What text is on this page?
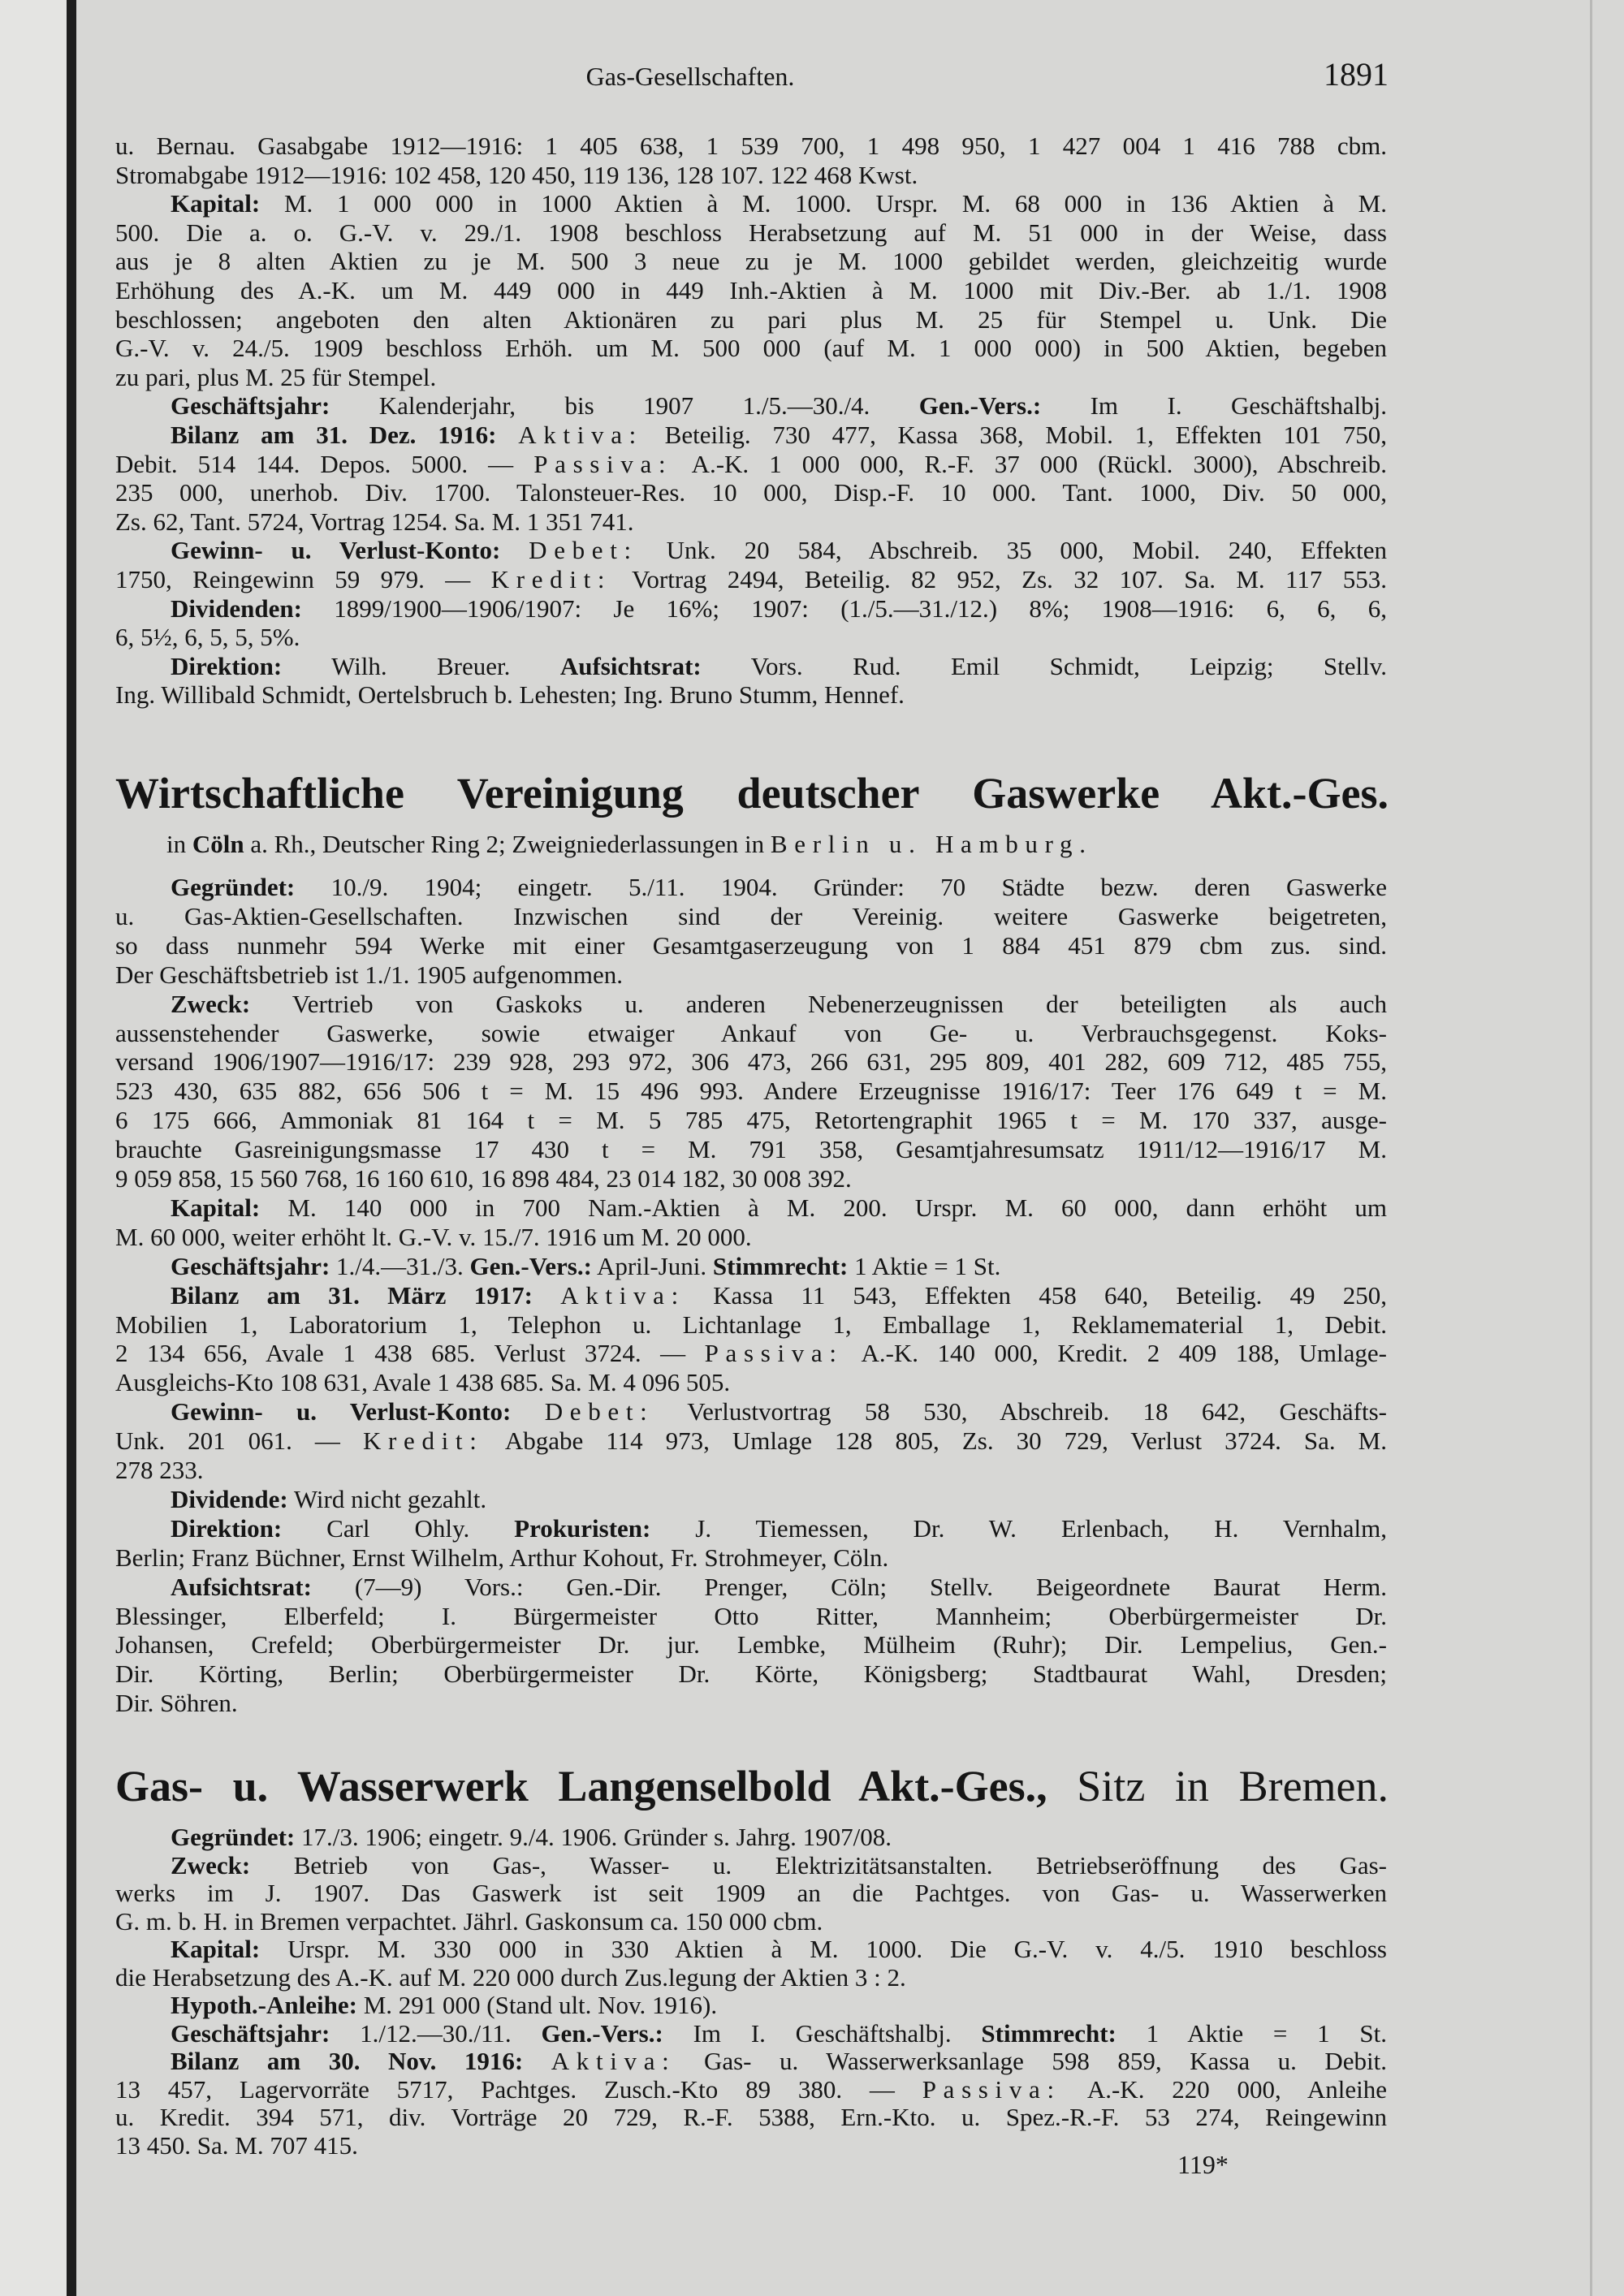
Gas-Gesellschaften.	1891
Wirtschaftliche Vereinigung deutscher Gaswerke Akt.-Ges.
in Cöln a. Rh., Deutscher Ring 2; Zweigniederlassungen in Berlin u. Hamburg.
Gas- u. Wasserwerk Langenselbold Akt.-Ges., Sitz in Bremen.
u. Bernau. Gasabgabe 1912—1916: 1 405 638, 1 539 700, 1 498 950, 1 427 004 1 416 788 cbm.
Stromabgabe 1912—1916: 102 458, 120 450, 119 136, 128 107. 122 468 Kwst.
Kapital: M. 1 000 000 in 1000 Aktien à M. 1000. Urspr. M. 68 000 in 136 Aktien à M.
500. Die a. o. G.-V. v. 29./1. 1908 beschloss Herabsetzung auf M. 51 000 in der Weise, dass
aus je 8 alten Aktien zu je M. 500 3 neue zu je M. 1000 gebildet werden, gleichzeitig wurde
Erhöhung des A.-K. um M. 449 000 in 449 Inh.-Aktien à M. 1000 mit Div.-Ber. ab 1./1. 1908
beschlossen; angeboten den alten Aktionären zu pari plus M. 25 für Stempel u. Unk. Die
G.-V. v. 24./5. 1909 beschloss Erhöh. um M. 500 000 (auf M. 1 000 000) in 500 Aktien, begeben
zu pari, plus M. 25 für Stempel.
Geschäftsjahr: Kalenderjahr, bis 1907 1./5.—30./4. Gen.-Vers.: Im I. Geschäftshalbj.
Bilanz am 31. Dez. 1916: Aktiva: Beteilig. 730 477, Kassa 368, Mobil. 1, Effekten 101 750,
Debit. 514 144. Depos. 5000. — Passiva: A.-K. 1 000 000, R.-F. 37 000 (Rückl. 3000), Abschreib.
235 000, unerhob. Div. 1700. Talonsteuer-Res. 10 000, Disp.-F. 10 000. Tant. 1000, Div. 50 000,
Zs. 62, Tant. 5724, Vortrag 1254. Sa. M. 1 351 741.
Gewinn- u. Verlust-Konto: Debet: Unk. 20 584, Abschreib. 35 000, Mobil. 240, Effekten
1750, Reingewinn 59 979. — Kredit: Vortrag 2494, Beteilig. 82 952, Zs. 32 107. Sa. M. 117 553.
Dividenden: 1899/1900—1906/1907: Je 16%; 1907: (1./5.—31./12.) 8%; 1908—1916: 6, 6, 6,
6, 5½, 6, 5, 5, 5%.
Direktion: Wilh. Breuer. Aufsichtsrat: Vors. Rud. Emil Schmidt, Leipzig; Stellv.
Ing. Willibald Schmidt, Oertelsbruch b. Lehesten; Ing. Bruno Stumm, Hennef.
Gegründet: 10./9. 1904; eingetr. 5./11. 1904. Gründer: 70 Städte bezw. deren Gaswerke
u. Gas-Aktien-Gesellschaften. Inzwischen sind der Vereinig. weitere Gaswerke beigetreten,
so dass nunmehr 594 Werke mit einer Gesamtgaserzeugung von 1 884 451 879 cbm zus. sind.
Der Geschäftsbetrieb ist 1./1. 1905 aufgenommen.
Zweck: Vertrieb von Gaskoks u. anderen Nebenerzeugnissen der beteiligten als auch
aussenstehender Gaswerke, sowie etwaiger Ankauf von Ge- u. Verbrauchsgegenst. Koks-
versand 1906/1907—1916/17: 239 928, 293 972, 306 473, 266 631, 295 809, 401 282, 609 712, 485 755,
523 430, 635 882, 656 506 t = M. 15 496 993. Andere Erzeugnisse 1916/17: Teer 176 649 t = M.
6 175 666, Ammoniak 81 164 t = M. 5 785 475, Retortengraphit 1965 t = M. 170 337, ausge-
brauchte Gasreinigungsmasse 17 430 t = M. 791 358, Gesamtjahresumsatz 1911/12—1916/17 M.
9 059 858, 15 560 768, 16 160 610, 16 898 484, 23 014 182, 30 008 392.
Kapital: M. 140 000 in 700 Nam.-Aktien à M. 200. Urspr. M. 60 000, dann erhöht um
M. 60 000, weiter erhöht lt. G.-V. v. 15./7. 1916 um M. 20 000.
Geschäftsjahr: 1./4.—31./3. Gen.-Vers.: April-Juni. Stimmrecht: 1 Aktie = 1 St.
Bilanz am 31. März 1917: Aktiva: Kassa 11 543, Effekten 458 640, Beteilig. 49 250,
Mobilien 1, Laboratorium 1, Telephon u. Lichtanlage 1, Emballage 1, Reklamematerial 1, Debit.
2 134 656, Avale 1 438 685. Verlust 3724. — Passiva: A.-K. 140 000, Kredit. 2 409 188, Umlage-
Ausgleichs-Kto 108 631, Avale 1 438 685. Sa. M. 4 096 505.
Gewinn- u. Verlust-Konto: Debet: Verlustvortrag 58 530, Abschreib. 18 642, Geschäfts-
Unk. 201 061. — Kredit: Abgabe 114 973, Umlage 128 805, Zs. 30 729, Verlust 3724. Sa. M.
278 233.
Dividende: Wird nicht gezahlt.
Direktion: Carl Ohly. Prokuristen: J. Tiemessen, Dr. W. Erlenbach, H. Vernhalm,
Berlin; Franz Büchner, Ernst Wilhelm, Arthur Kohout, Fr. Strohmeyer, Cöln.
Aufsichtsrat: (7—9) Vors.: Gen.-Dir. Prenger, Cöln; Stellv. Beigeordnete Baurat Herm.
Blessinger, Elberfeld; I. Bürgermeister Otto Ritter, Mannheim; Oberbürgermeister Dr.
Johansen, Crefeld; Oberbürgermeister Dr. jur. Lembke, Mülheim (Ruhr); Dir. Lempelius, Gen.-
Dir. Körting, Berlin; Oberbürgermeister Dr. Körte, Königsberg; Stadtbaurat Wahl, Dresden;
Dir. Söhren.
Gegründet: 17./3. 1906; eingetr. 9./4. 1906. Gründer s. Jahrg. 1907/08.
Zweck: Betrieb von Gas-, Wasser- u. Elektrizitätsanstalten. Betriebseröffnung des Gas-
werks im J. 1907. Das Gaswerk ist seit 1909 an die Pachtges. von Gas- u. Wasserwerken
G. m. b. H. in Bremen verpachtet. Jährl. Gaskonsum ca. 150 000 cbm.
Kapital: Urspr. M. 330 000 in 330 Aktien à M. 1000. Die G.-V. v. 4./5. 1910 beschloss
die Herabsetzung des A.-K. auf M. 220 000 durch Zus.legung der Aktien 3 : 2.
Hypoth.-Anleihe: M. 291 000 (Stand ult. Nov. 1916).
Geschäftsjahr: 1./12.—30./11. Gen.-Vers.: Im I. Geschäftshalbj. Stimmrecht: 1 Aktie = 1 St.
Bilanz am 30. Nov. 1916: Aktiva: Gas- u. Wasserwerksanlage 598 859, Kassa u. Debit.
13 457, Lagervorräte 5717, Pachtges. Zusch.-Kto 89 380. — Passiva: A.-K. 220 000, Anleihe
u. Kredit. 394 571, div. Vorträge 20 729, R.-F. 5388, Ern.-Kto. u. Spez.-R.-F. 53 274, Reingewinn
13 450. Sa. M. 707 415.
119*
